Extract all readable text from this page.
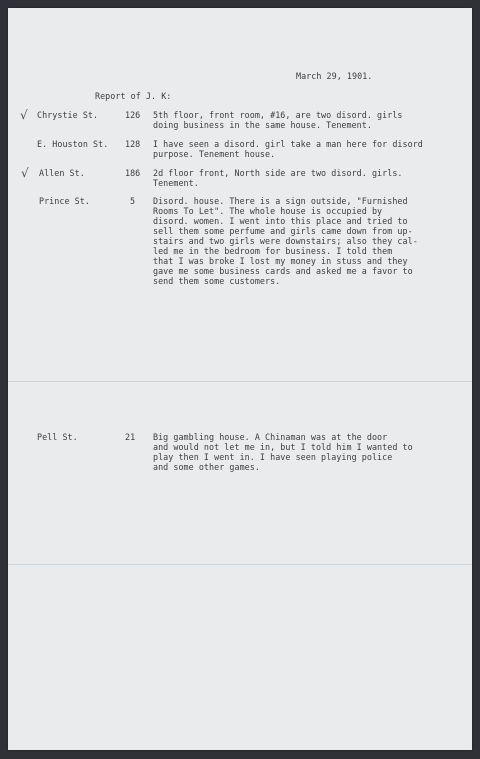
March 29, 1901.
Report of J. K:
√ Chrystie St.	126 5th floor, front room, #16, are two disord. girls
doing business in the same house. Tenement.
E. Houston St. 128 I have seen a disord. girl take a man here for disord
purpose. Tenement house.
√ Allen St.	186 2d floor front, North side are two disord. girls.
Tenement.
Prince St.	5 Disord. house. There is a sign outside, "Furnished
Rooms To Let". The whole house is occupied by
disord. women. I went into this place and tried to
sell them some perfume and girls came down from up-
stairs and two girls were downstairs; also they cal-
led me in the bedroom for business. I told them
that I was broke I lost my money in stuss and they
gave me some business cards and asked me a favor to
send them some customers.
Pell St.	21 Big gambling house. A Chinaman was at the door
and would not let me in, but I told him I wanted to
play then I went in. I have seen playing police
and some other games.
